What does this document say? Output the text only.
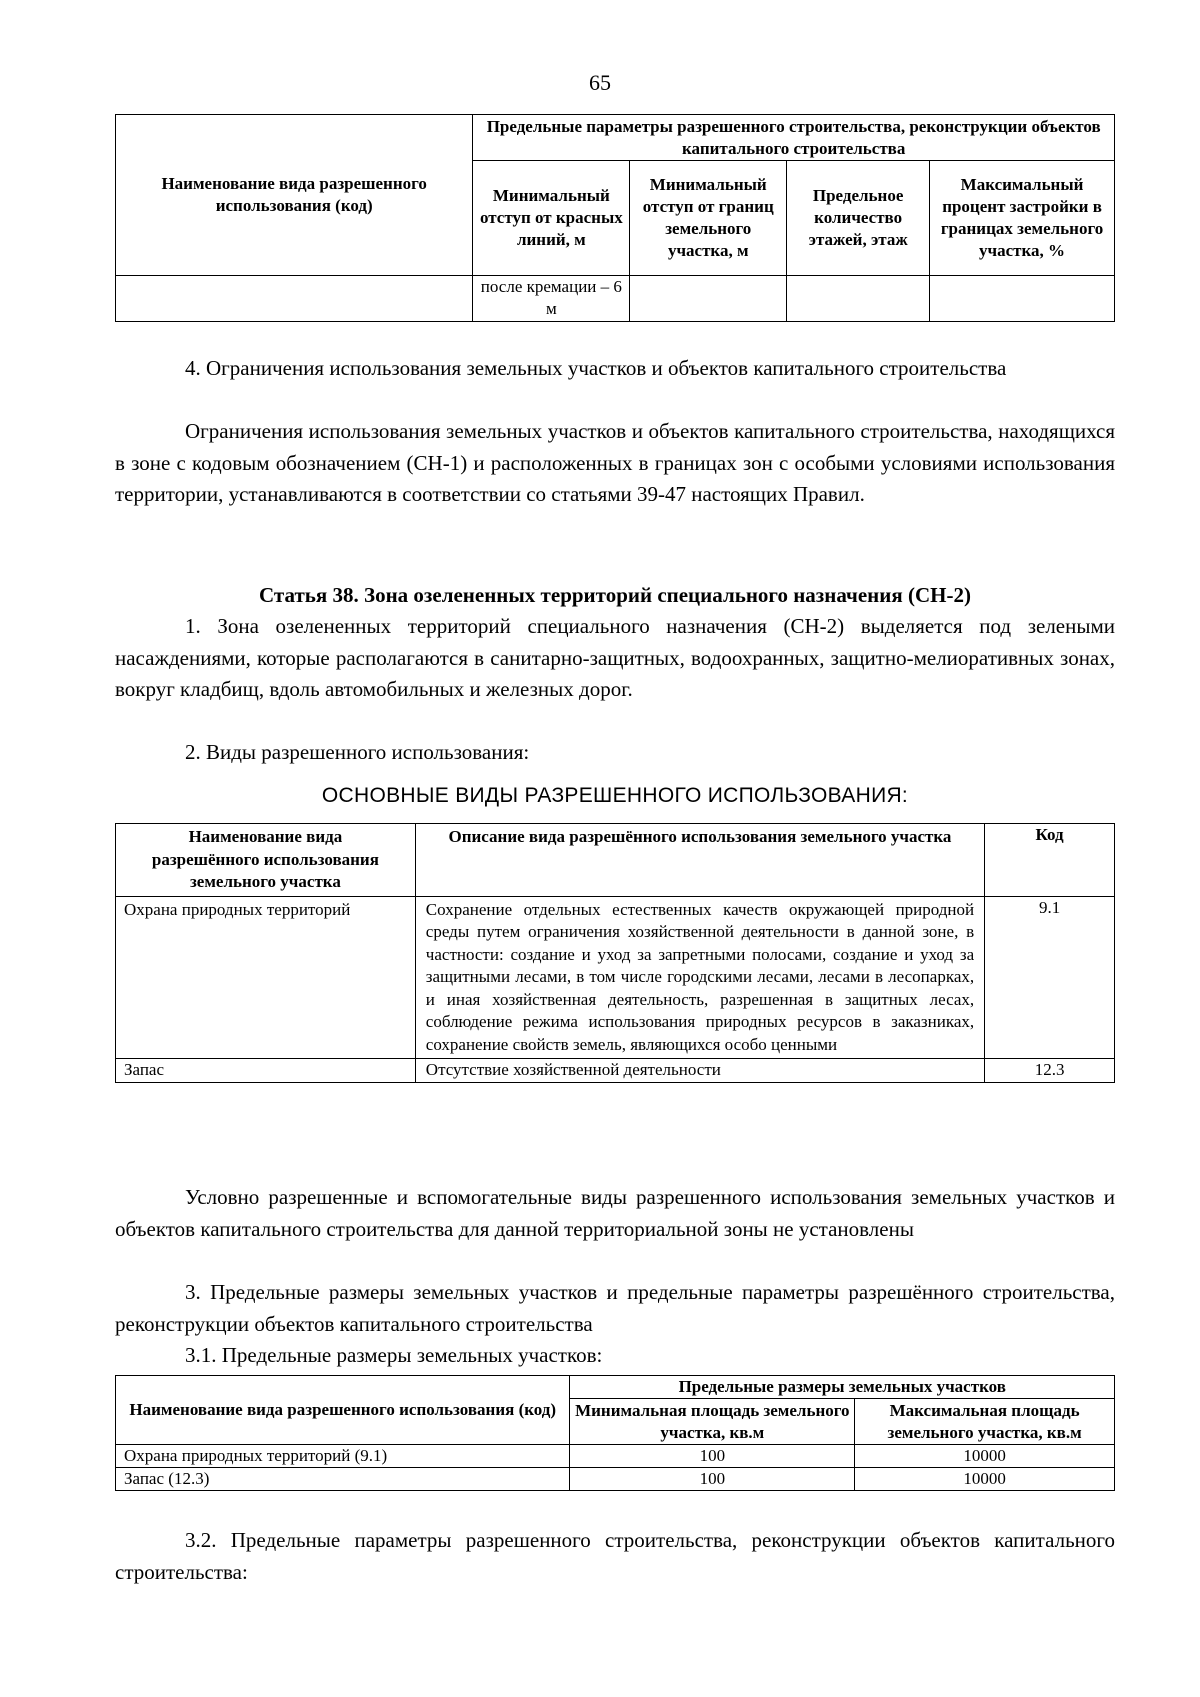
65
Наименование вида разрешенного использования (код)	Предельные параметры разрешенного строительства, реконструкции объектов капитального строительства			
	Минимальный отступ от красных линий, м	Минимальный отступ от границ земельного участка, м	Предельное количество этажей, этаж	Максимальный процент застройки в границах земельного участка, %
	после кремации – 6 м			
4. Ограничения использования земельных участков и объектов капитального строительства
Ограничения использования земельных участков и объектов капитального строительства, находящихся в зоне с кодовым обозначением (СН-1) и расположенных в границах зон с особыми условиями использования территории, устанавливаются в соответствии со статьями 39-47 настоящих Правил.
Статья 38. Зона озелененных территорий специального назначения (СН-2)
1. Зона озелененных территорий специального назначения (СН-2) выделяется под зелеными насаждениями, которые располагаются в санитарно-защитных, водоохранных, защитно-мелиоративных зонах, вокруг кладбищ, вдоль автомобильных и железных дорог.
2. Виды разрешенного использования:
ОСНОВНЫЕ ВИДЫ РАЗРЕШЕННОГО ИСПОЛЬЗОВАНИЯ:
Наименование вида разрешённого использования земельного участка	Описание вида разрешённого использования земельного участка	Код
Охрана природных территорий	Сохранение отдельных естественных качеств окружающей природной среды путем ограничения хозяйственной деятельности в данной зоне, в частности: создание и уход за запретными полосами, создание и уход за защитными лесами, в том числе городскими лесами, лесами в лесопарках, и иная хозяйственная деятельность, разрешенная в защитных лесах, соблюдение режима использования природных ресурсов в заказниках, сохранение свойств земель, являющихся особо ценными	9.1
Запас	Отсутствие хозяйственной деятельности	12.3
Условно разрешенные и вспомогательные виды разрешенного использования земельных участков и объектов капитального строительства для данной территориальной зоны не установлены
3. Предельные размеры земельных участков и предельные параметры разрешённого строительства, реконструкции объектов капитального строительства
3.1. Предельные размеры земельных участков:
Наименование вида разрешенного использования (код)	Предельные размеры земельных участков	
	Минимальная площадь земельного участка, кв.м	Максимальная площадь земельного участка, кв.м
Охрана природных территорий (9.1)	100	10000
Запас (12.3)	100	10000
3.2. Предельные параметры разрешенного строительства, реконструкции объектов капитального строительства:
